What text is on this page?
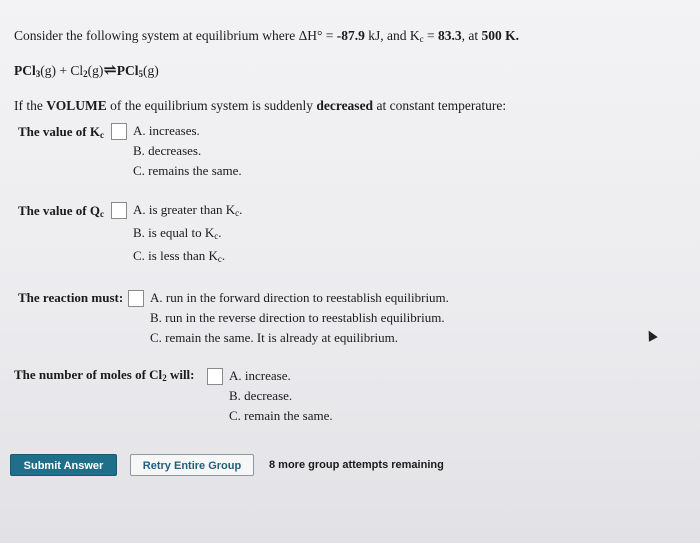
Consider the following system at equilibrium where ΔH° = -87.9 kJ, and $K_c = 83.3$, at 500 K.
$PCl_3(g) + Cl_2(g)\rightleftharpoons PCl_5(g)$
If the VOLUME of the equilibrium system is suddenly decreased at constant temperature:
The value of $K_c$ A. increases.
B. decreases.
C. remains the same.
The value of $Q_c$ A. is greater than $K_c$.
B. is equal to $K_c$.
C. is less than $K_c$.
The reaction must: A. run in the forward direction to reestablish equilibrium.
B. run in the reverse direction to reestablish equilibrium.
C. remain the same. It is already at equilibrium.
The number of moles of $Cl_2$ will:	A. increase.
B. decrease.
C. remain the same.
Submit Answer	Retry Entire Group	8 more group attempts remaining
